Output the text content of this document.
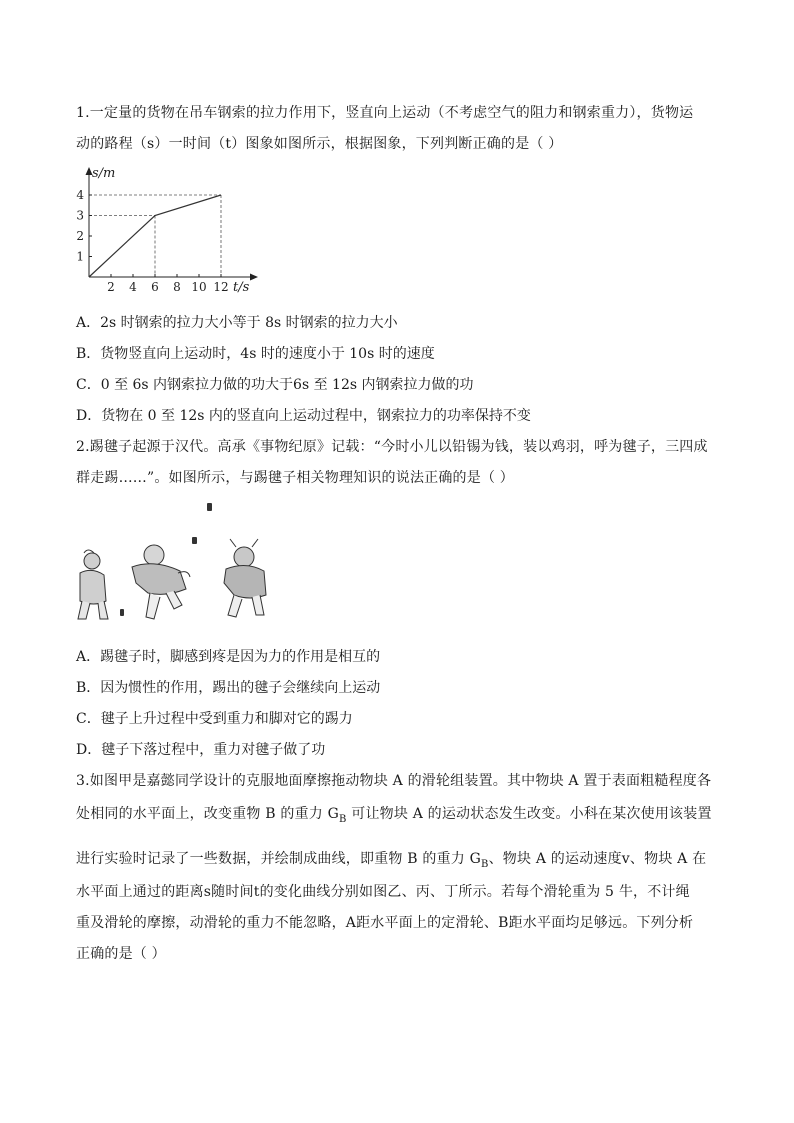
1.一定量的货物在吊车钢索的拉力作用下，竖直向上运动（不考虑空气的阻力和钢索重力），货物运
动的路程（s）一时间（t）图象如图所示，根据图象，下列判断正确的是（ ）
2 4 6 8 10 12
1
2
3
4
s/m
t/s
A．2s 时钢索的拉力大小等于 8s 时钢索的拉力大小
B．货物竖直向上运动时，4s 时的速度小于 10s 时的速度
C．0 至 6s 内钢索拉力做的功大于6s 至 12s 内钢索拉力做的功
D．货物在 0 至 12s 内的竖直向上运动过程中，钢索拉力的功率保持不变
2.踢毽子起源于汉代。高承《事物纪原》记载：“今时小儿以铅锡为钱，装以鸡羽，呼为毽子，三四成
群走踢……”。如图所示，与踢毽子相关物理知识的说法正确的是（ ）
A．踢毽子时，脚感到疼是因为力的作用是相互的
B．因为惯性的作用，踢出的毽子会继续向上运动
C．毽子上升过程中受到重力和脚对它的踢力
D．毽子下落过程中，重力对毽子做了功
3.如图甲是嘉懿同学设计的克服地面摩擦拖动物块 A 的滑轮组装置。其中物块 A 置于表面粗糙程度各
处相同的水平面上，改变重物 B 的重力 $G_B$ 可让物块 A 的运动状态发生改变。小科在某次使用该装置
进行实验时记录了一些数据，并绘制成曲线，即重物 B 的重力 $G_B$、物块 A 的运动速度v、物块 A 在
水平面上通过的距离s随时间t的变化曲线分别如图乙、丙、丁所示。若每个滑轮重为 5 牛，不计绳
重及滑轮的摩擦，动滑轮的重力不能忽略，A距水平面上的定滑轮、B距水平面均足够远。下列分析
正确的是（ ）
